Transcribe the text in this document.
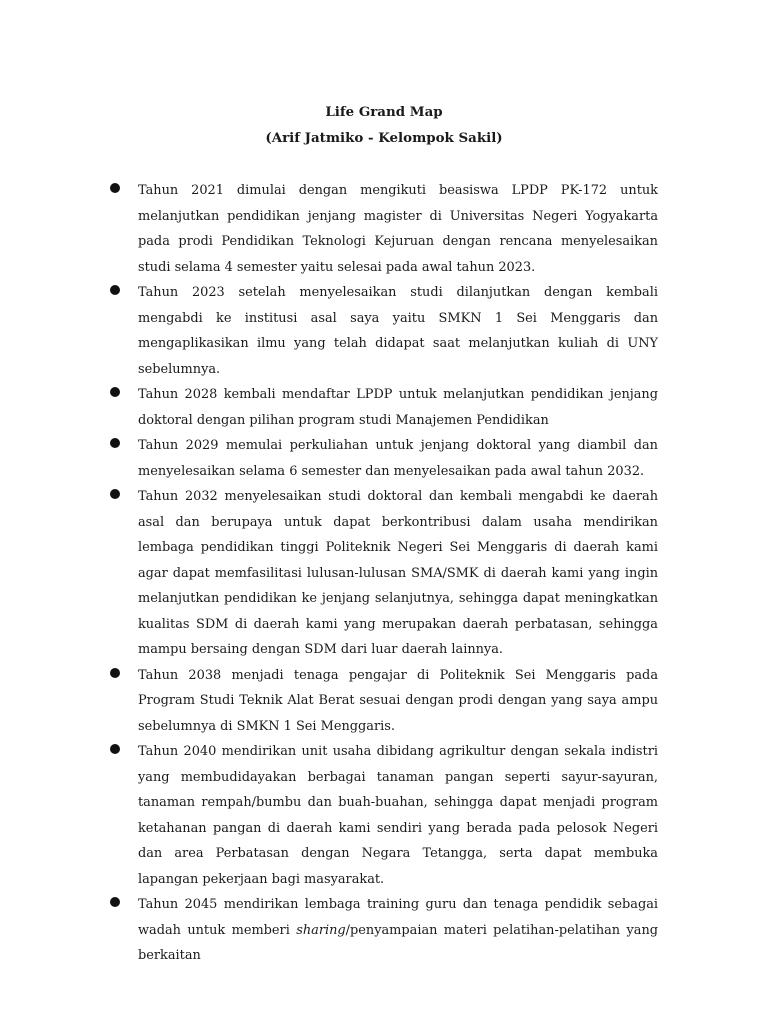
Life Grand Map
(Arif Jatmiko - Kelompok Sakil)
Tahun 2021 dimulai dengan mengikuti beasiswa LPDP PK-172 untuk melanjutkan pendidikan jenjang magister di Universitas Negeri Yogyakarta pada prodi Pendidikan Teknologi Kejuruan dengan rencana menyelesaikan studi selama 4 semester yaitu selesai pada awal tahun 2023.
Tahun 2023 setelah menyelesaikan studi dilanjutkan dengan kembali mengabdi ke institusi asal saya yaitu SMKN 1 Sei Menggaris dan mengaplikasikan ilmu yang telah didapat saat melanjutkan kuliah di UNY sebelumnya.
Tahun 2028 kembali mendaftar LPDP untuk melanjutkan pendidikan jenjang doktoral dengan pilihan program studi Manajemen Pendidikan
Tahun 2029 memulai perkuliahan untuk jenjang doktoral yang diambil dan menyelesaikan selama 6 semester dan menyelesaikan pada awal tahun 2032.
Tahun 2032 menyelesaikan studi doktoral dan kembali mengabdi ke daerah asal dan berupaya untuk dapat berkontribusi dalam usaha mendirikan lembaga pendidikan tinggi Politeknik Negeri Sei Menggaris di daerah kami agar dapat memfasilitasi lulusan-lulusan SMA/SMK di daerah kami yang ingin melanjutkan pendidikan ke jenjang selanjutnya, sehingga dapat meningkatkan kualitas SDM di daerah kami yang merupakan daerah perbatasan, sehingga mampu bersaing dengan SDM dari luar daerah lainnya.
Tahun 2038 menjadi tenaga pengajar di Politeknik Sei Menggaris pada Program Studi Teknik Alat Berat sesuai dengan prodi dengan yang saya ampu sebelumnya di SMKN 1 Sei Menggaris.
Tahun 2040 mendirikan unit usaha dibidang agrikultur dengan sekala indistri yang membudidayakan berbagai tanaman pangan seperti sayur-sayuran, tanaman rempah/bumbu dan buah-buahan, sehingga dapat menjadi program ketahanan pangan di daerah kami sendiri yang berada pada pelosok Negeri dan area Perbatasan dengan Negara Tetangga, serta dapat membuka lapangan pekerjaan bagi masyarakat.
Tahun 2045 mendirikan lembaga training guru dan tenaga pendidik sebagai wadah untuk memberi sharing/penyampaian materi pelatihan-pelatihan yang berkaitan
